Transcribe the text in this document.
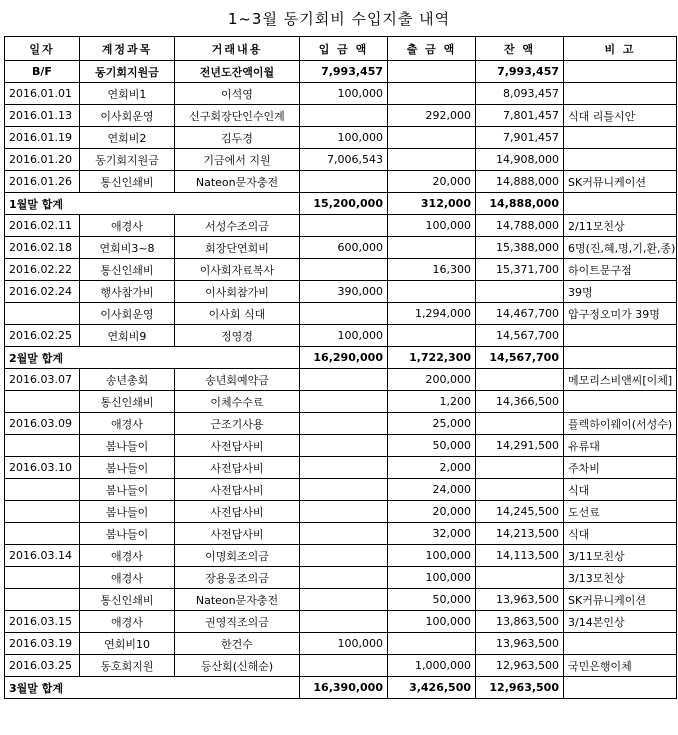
1~3월 동기회비 수입지출 내역
일자	계정과목	거래내용	입 금 액	출 금 액	잔 액	비 고
B/F	동기회지원금	전년도잔액이월	7,993,457		7,993,457	
2016.01.01	연회비1	이석영	100,000		8,093,457	
2016.01.13	이사회운영	신구회장단인수인계		292,000	7,801,457	식대 리틀시안
2016.01.19	연회비2	김두경	100,000		7,901,457	
2016.01.20	동기회지원금	기금에서 지원	7,006,543		14,908,000	
2016.01.26	통신인쇄비	Nateon문자충전		20,000	14,888,000	SK커뮤니케이션
1월말 합계			15,200,000	312,000	14,888,000	
2016.02.11	애경사	서성수조의금		100,000	14,788,000	2/11모친상
2016.02.18	연회비3~8	회장단연회비	600,000		15,388,000	6명(진,혜,명,기,환,종)
2016.02.22	통신인쇄비	이사회자료복사		16,300	15,371,700	하이트문구점
2016.02.24	행사참가비	이사회참가비	390,000			39명
	이사회운영	이사회 식대		1,294,000	14,467,700	압구정오미가 39명
2016.02.25	연회비9	정영경	100,000		14,567,700	
2월말 합계			16,290,000	1,722,300	14,567,700	
2016.03.07	송년총회	송년회예약금		200,000		메모리스비앤씨[이체]
	통신인쇄비	이체수수료		1,200	14,366,500	
2016.03.09	애경사	근조기사용		25,000		플렉하이웨이(서성수)
	봄나들이	사전답사비		50,000	14,291,500	유류대
2016.03.10	봄나들이	사전답사비		2,000		주차비
	봄나들이	사전답사비		24,000		식대
	봄나들이	사전답사비		20,000	14,245,500	도선료
	봄나들이	사전답사비		32,000	14,213,500	식대
2016.03.14	애경사	이명회조의금		100,000	14,113,500	3/11모친상
	애경사	장용웅조의금		100,000		3/13모친상
	통신인쇄비	Nateon문자충전		50,000	13,963,500	SK커뮤니케이션
2016.03.15	애경사	권영직조의금		100,000	13,863,500	3/14본인상
2016.03.19	연회비10	한건수	100,000		13,963,500	
2016.03.25	동호회지원	등산회(신해순)		1,000,000	12,963,500	국민은행이체
3월말 합계			16,390,000	3,426,500	12,963,500	
